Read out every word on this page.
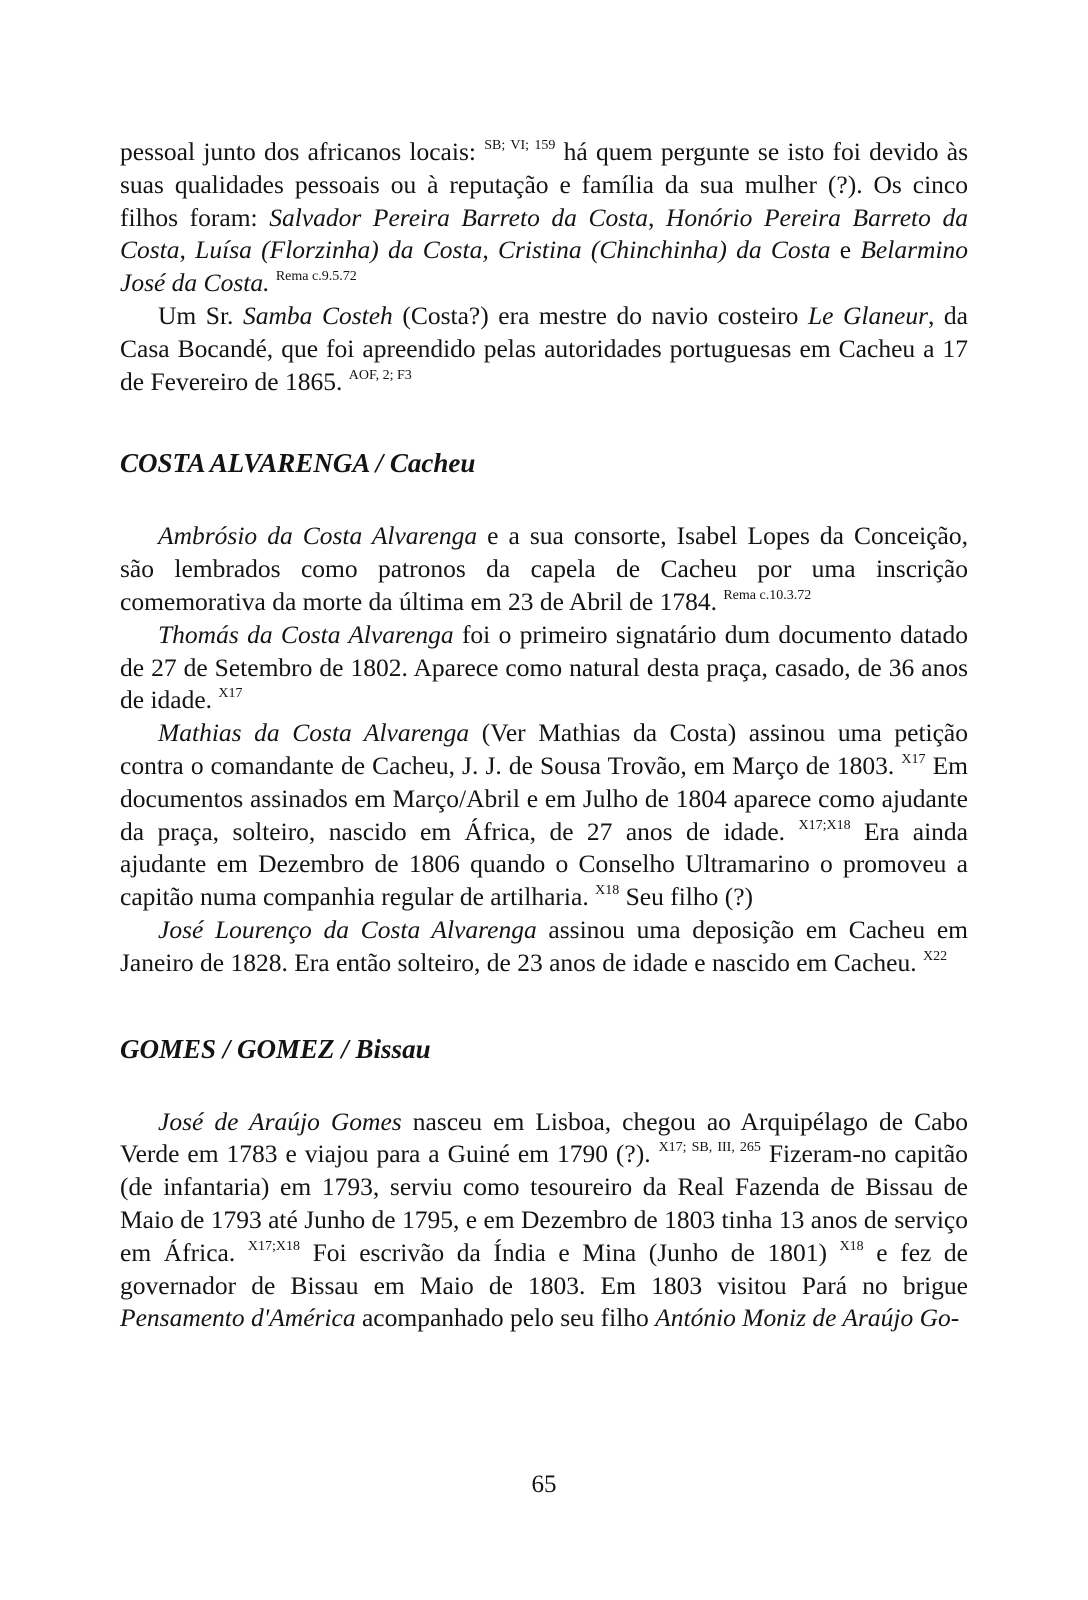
pessoal junto dos africanos locais: $^{SB; VI; 159}$ há quem pergunte se isto foi devido às suas qualidades pessoais ou à reputação e família da sua mulher (?). Os cinco filhos foram: Salvador Pereira Barreto da Costa, Honório Pereira Barreto da Costa, Luísa (Florzinha) da Costa, Cristina (Chinchinha) da Costa e Belarmino José da Costa. $^{Rema c.9.5.72}$

Um Sr. Samba Costeh (Costa?) era mestre do navio costeiro Le Glaneur, da Casa Bocandé, que foi apreendido pelas autoridades portuguesas em Cacheu a 17 de Fevereiro de 1865. $^{AOF, 2; F3}$

COSTA ALVARENGA / Cacheu

Ambrósio da Costa Alvarenga e a sua consorte, Isabel Lopes da Conceição, são lembrados como patronos da capela de Cacheu por uma inscrição comemorativa da morte da última em 23 de Abril de 1784. $^{Rema c.10.3.72}$

Thomás da Costa Alvarenga foi o primeiro signatário dum documento datado de 27 de Setembro de 1802. Aparece como natural desta praça, casado, de 36 anos de idade. $^{X17}$

Mathias da Costa Alvarenga (Ver Mathias da Costa) assinou uma petição contra o comandante de Cacheu, J. J. de Sousa Trovão, em Março de 1803. $^{X17}$ Em documentos assinados em Março/Abril e em Julho de 1804 aparece como ajudante da praça, solteiro, nascido em África, de 27 anos de idade. $^{X17;X18}$ Era ainda ajudante em Dezembro de 1806 quando o Conselho Ultramarino o promoveu a capitão numa companhia regular de artilharia. $^{X18}$ Seu filho (?)

José Lourenço da Costa Alvarenga assinou uma deposição em Cacheu em Janeiro de 1828. Era então solteiro, de 23 anos de idade e nascido em Cacheu. $^{X22}$

GOMES / GOMEZ / Bissau

José de Araújo Gomes nasceu em Lisboa, chegou ao Arquipélago de Cabo Verde em 1783 e viajou para a Guiné em 1790 (?). $^{X17; SB, III, 265}$ Fizeram-no capitão (de infantaria) em 1793, serviu como tesoureiro da Real Fazenda de Bissau de Maio de 1793 até Junho de 1795, e em Dezembro de 1803 tinha 13 anos de serviço em África. $^{X17;X18}$ Foi escrivão da Índia e Mina (Junho de 1801) $^{X18}$ e fez de governador de Bissau em Maio de 1803. Em 1803 visitou Pará no brigue Pensamento d'América acompanhado pelo seu filho António Moniz de Araújo Go-

65
